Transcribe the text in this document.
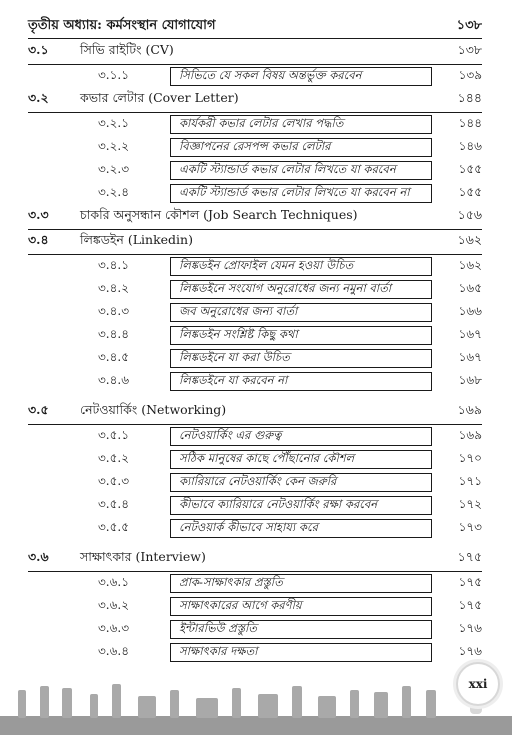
তৃতীয় অধ্যায়: কর্মসংস্থান যোগাযোগ	১৩৮
৩.১	সিভি রাইটিং (CV)	১৩৮
৩.১.১	সিভিতে যে সকল বিষয় অন্তর্ভুক্ত করবেন	১৩৯
৩.২	কভার লেটার (Cover Letter)	১৪৪
৩.২.১	কার্যকরী কভার লেটার লেখার পদ্ধতি	১৪৪
৩.২.২	বিজ্ঞাপনের রেসপন্স কভার লেটার	১৪৬
৩.২.৩	একটি স্ট্যান্ডার্ড কভার লেটার লিখতে যা করবেন	১৫৫
৩.২.৪	একটি স্ট্যান্ডার্ড কভার লেটার লিখতে যা করবেন না	১৫৫
৩.৩	চাকরি অনুসন্ধান কৌশল (Job Search Techniques)	১৫৬
৩.৪	লিঙ্কডইন (Linkedin)	১৬২
৩.৪.১	লিঙ্কডইন প্রোফাইল যেমন হওয়া উচিত	১৬২
৩.৪.২	লিঙ্কডইনে সংযোগ অনুরোধের জন্য নমুনা বার্তা	১৬৫
৩.৪.৩	জব অনুরোধের জন্য বার্তা	১৬৬
৩.৪.৪	লিঙ্কডইন সংশ্লিষ্ট কিছু কথা	১৬৭
৩.৪.৫	লিঙ্কডইনে যা করা উচিত	১৬৭
৩.৪.৬	লিঙ্কডইনে যা করবেন না	১৬৮
৩.৫	নেটওয়ার্কিং (Networking)	১৬৯
৩.৫.১	নেটওয়ার্কিং এর গুরুত্ব	১৬৯
৩.৫.২	সঠিক মানুষের কাছে পৌঁছানোর কৌশল	১৭০
৩.৫.৩	ক্যারিয়ারে নেটওয়ার্কিং কেন জরুরি	১৭১
৩.৫.৪	কীভাবে ক্যারিয়ারে নেটওয়ার্কিং রক্ষা করবেন	১৭২
৩.৫.৫	নেটওয়ার্ক কীভাবে সাহায্য করে	১৭৩
৩.৬	সাক্ষাৎকার (Interview)	১৭৫
৩.৬.১	প্রাক-সাক্ষাৎকার প্রস্তুতি	১৭৫
৩.৬.২	সাক্ষাৎকারের আগে করণীয়	১৭৫
৩.৬.৩	ইন্টারভিউ প্রস্তুতি	১৭৬
৩.৬.৪	সাক্ষাৎকার দক্ষতা	১৭৬
xxi
